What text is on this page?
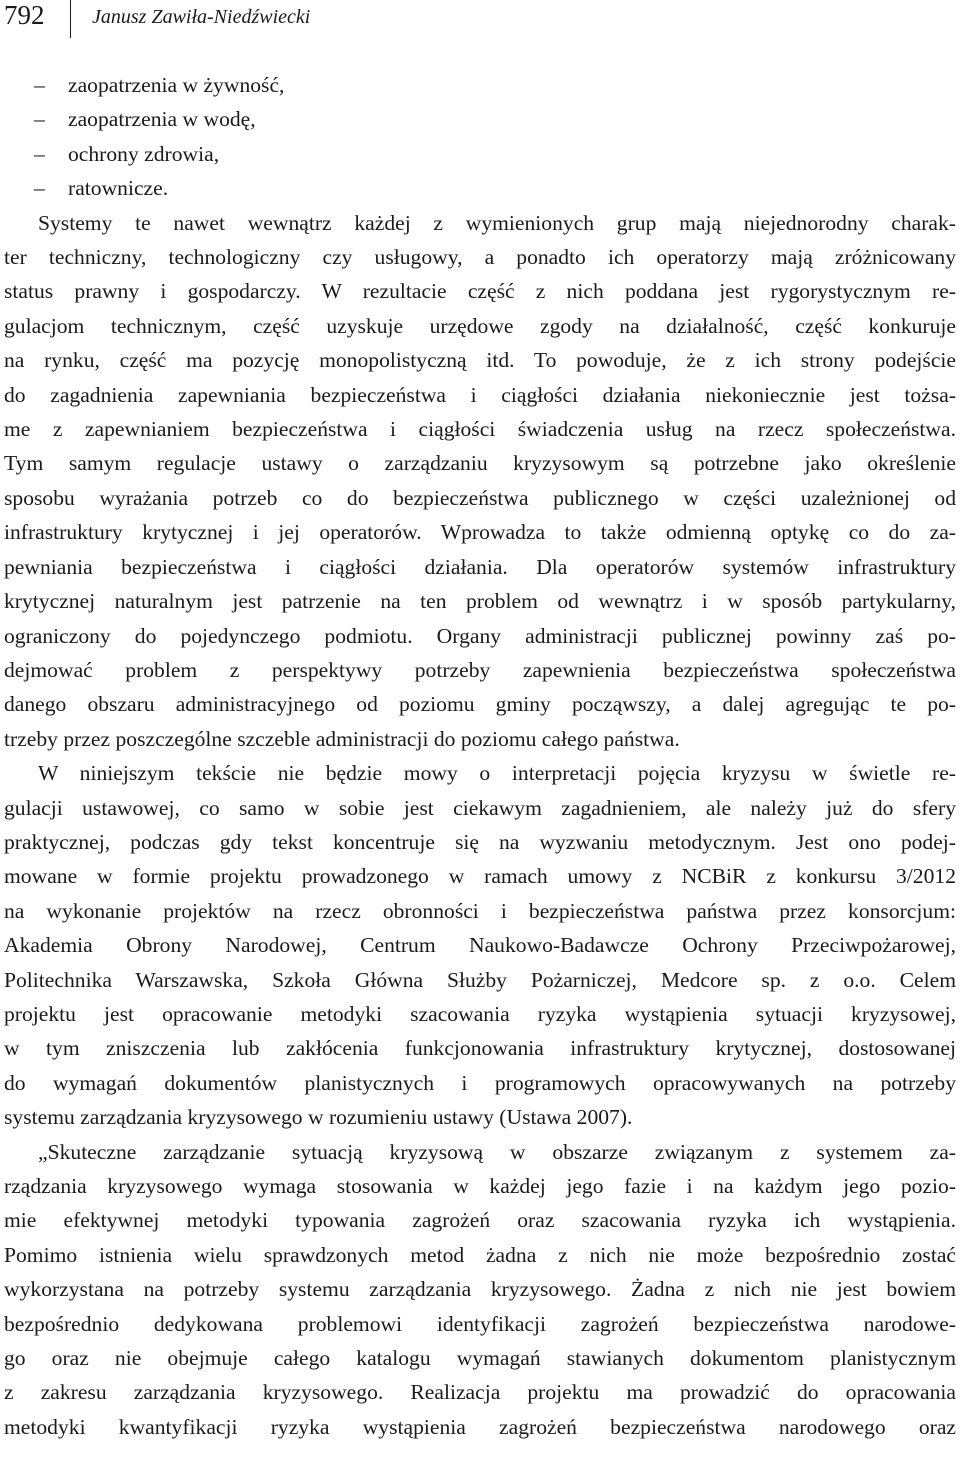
792	Janusz Zawiła-Niedźwiecki
–	zaopatrzenia w żywność,
–	zaopatrzenia w wodę,
–	ochrony zdrowia,
–	ratownicze.
Systemy te nawet wewnątrz każdej z wymienionych grup mają niejednorodny charak-
ter techniczny, technologiczny czy usługowy, a ponadto ich operatorzy mają zróżnicowany
status prawny i gospodarczy. W rezultacie część z nich poddana jest rygorystycznym re-
gulacjom technicznym, część uzyskuje urzędowe zgody na działalność, część konkuruje
na rynku, część ma pozycję monopolistyczną itd. To powoduje, że z ich strony podejście
do zagadnienia zapewniania bezpieczeństwa i ciągłości działania niekoniecznie jest tożsa-
me z zapewnianiem bezpieczeństwa i ciągłości świadczenia usług na rzecz społeczeństwa.
Tym samym regulacje ustawy o zarządzaniu kryzysowym są potrzebne jako określenie
sposobu wyrażania potrzeb co do bezpieczeństwa publicznego w części uzależnionej od
infrastruktury krytycznej i jej operatorów. Wprowadza to także odmienną optykę co do za-
pewniania bezpieczeństwa i ciągłości działania. Dla operatorów systemów infrastruktury
krytycznej naturalnym jest patrzenie na ten problem od wewnątrz i w sposób partykularny,
ograniczony do pojedynczego podmiotu. Organy administracji publicznej powinny zaś po-
dejmować problem z perspektywy potrzeby zapewnienia bezpieczeństwa społeczeństwa
danego obszaru administracyjnego od poziomu gminy począwszy, a dalej agregując te po-
trzeby przez poszczególne szczeble administracji do poziomu całego państwa.
W niniejszym tekście nie będzie mowy o interpretacji pojęcia kryzysu w świetle re-
gulacji ustawowej, co samo w sobie jest ciekawym zagadnieniem, ale należy już do sfery
praktycznej, podczas gdy tekst koncentruje się na wyzwaniu metodycznym. Jest ono podej-
mowane w formie projektu prowadzonego w ramach umowy z NCBiR z konkursu 3/2012
na wykonanie projektów na rzecz obronności i bezpieczeństwa państwa przez konsorcjum:
Akademia Obrony Narodowej, Centrum Naukowo-Badawcze Ochrony Przeciwpożarowej,
Politechnika Warszawska, Szkoła Główna Służby Pożarniczej, Medcore sp. z o.o. Celem
projektu jest opracowanie metodyki szacowania ryzyka wystąpienia sytuacji kryzysowej,
w tym zniszczenia lub zakłócenia funkcjonowania infrastruktury krytycznej, dostosowanej
do wymagań dokumentów planistycznych i programowych opracowywanych na potrzeby
systemu zarządzania kryzysowego w rozumieniu ustawy (Ustawa 2007).
„Skuteczne zarządzanie sytuacją kryzysową w obszarze związanym z systemem za-
rządzania kryzysowego wymaga stosowania w każdej jego fazie i na każdym jego pozio-
mie efektywnej metodyki typowania zagrożeń oraz szacowania ryzyka ich wystąpienia.
Pomimo istnienia wielu sprawdzonych metod żadna z nich nie może bezpośrednio zostać
wykorzystana na potrzeby systemu zarządzania kryzysowego. Żadna z nich nie jest bowiem
bezpośrednio dedykowana problemowi identyfikacji zagrożeń bezpieczeństwa narodowe-
go oraz nie obejmuje całego katalogu wymagań stawianych dokumentom planistycznym
z zakresu zarządzania kryzysowego. Realizacja projektu ma prowadzić do opracowania
metodyki kwantyfikacji ryzyka wystąpienia zagrożeń bezpieczeństwa narodowego oraz
